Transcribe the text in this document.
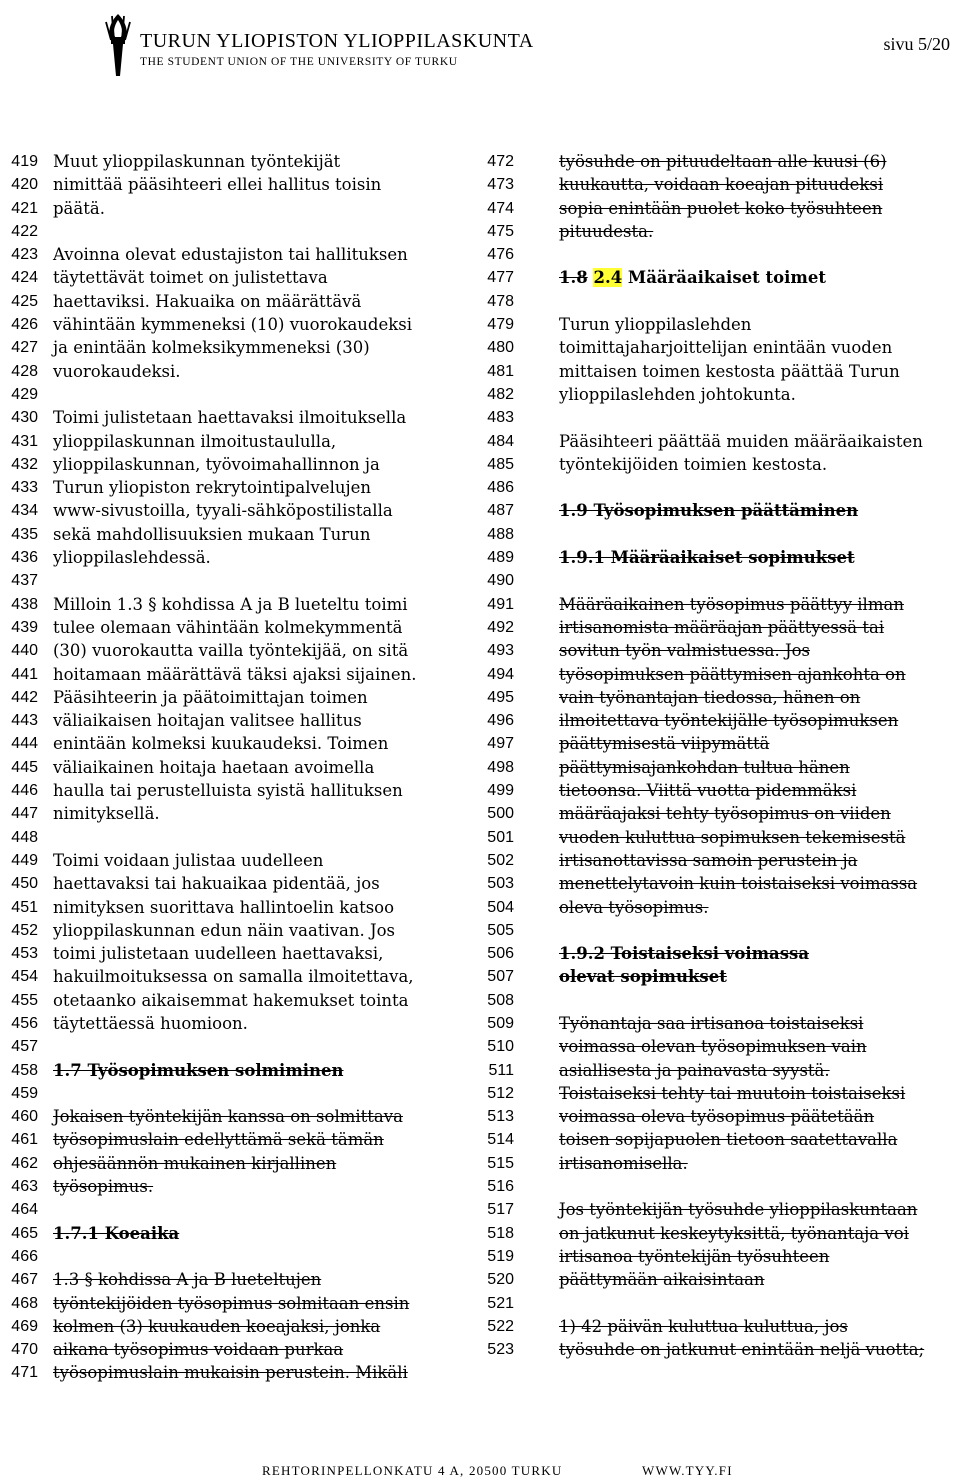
TURUN YLIOPISTON YLIOPPILASKUNTA
THE STUDENT UNION OF THE UNIVERSITY OF TURKU
sivu 5/20
419 Muut ylioppilaskunnan työntekijät
420 nimittää pääsihteeri ellei hallitus toisin
421 päätä.
422
423 Avoinna olevat edustajiston tai hallituksen
424 täytettävät toimet on julistettava
425 haettaviksi. Hakuaika on määrättävä
426 vähintään kymmeneksi (10) vuorokaudeksi
427 ja enintään kolmeksikymmeneksi (30)
428 vuorokaudeksi.
429
430 Toimi julistetaan haettavaksi ilmoituksella
431 ylioppilaskunnan ilmoitustaululla,
432 ylioppilaskunnan, työvoimahallinnon ja
433 Turun yliopiston rekrytointipalvelujen
434 www-sivustoilla, tyyali-sähköpostilistalla
435 sekä mahdollisuuksien mukaan Turun
436 ylioppilaslehdessä.
437
438 Milloin 1.3 § kohdissa A ja B lueteltu toimi
439 tulee olemaan vähintään kolmekymmentä
440 (30) vuorokautta vailla työntekijää, on sitä
441 hoitamaan määrättävä täksi ajaksi sijainen.
442 Pääsihteerin ja päätoimittajan toimen
443 väliaikaisen hoitajan valitsee hallitus
444 enintään kolmeksi kuukaudeksi. Toimen
445 väliaikainen hoitaja haetaan avoimella
446 haulla tai perustelluista syistä hallituksen
447 nimityksellä.
448
449 Toimi voidaan julistaa uudelleen
450 haettavaksi tai hakuaikaa pidentää, jos
451 nimityksen suorittava hallintoelin katsoo
452 ylioppilaskunnan edun näin vaativan. Jos
453 toimi julistetaan uudelleen haettavaksi,
454 hakuilmoituksessa on samalla ilmoitettava,
455 otetaanko aikaisemmat hakemukset tointa
456 täytettäessä huomioon.
457
458 1.7 Työsopimuksen solmiminen
459
460 Jokaisen työntekijän kanssa on solmittava
461 työsopimuslain edellyttämä sekä tämän
462 ohjesäännön mukainen kirjallinen
463 työsopimus.
464
465 1.7.1 Koeaika
466
467 1.3 § kohdissa A ja B lueteltujen
468 työntekijöiden työsopimus solmitaan ensin
469 kolmen (3) kuukauden koeajaksi, jonka
470 aikana työsopimus voidaan purkaa
471 työsopimuslain mukaisin perustein. Mikäli
472	työsuhde on pituudeltaan alle kuusi (6)
473	kuukautta, voidaan koeajan pituudeksi
474	sopia enintään puolet koko työsuhteen
475	pituudesta.
476
477	1.8 2.4 Määräaikaiset toimet
478
479	Turun ylioppilaslehden
480	toimittajaharjoittelijan enintään vuoden
481	mittaisen toimen kestosta päättää Turun
482	ylioppilaslehden johtokunta.
483
484	Pääsihteeri päättää muiden määräaikaisten
485	työntekijöiden toimien kestosta.
486
487	1.9 Työsopimuksen päättäminen
488
489	1.9.1 Määräaikaiset sopimukset
490
491	Määräaikainen työsopimus päättyy ilman
492	irtisanomista määräajan päättyessä tai
493	sovitun työn valmistuessa. Jos
494	työsopimuksen päättymisen ajankohta on
495	vain työnantajan tiedossa, hänen on
496	ilmoitettava työntekijälle työsopimuksen
497	päättymisestä viipymättä
498	päättymisajankohdan tultua hänen
499	tietoonsa. Viittä vuotta pidemmäksi
500	määräajaksi tehty työsopimus on viiden
501	vuoden kuluttua sopimuksen tekemisestä
502	irtisanottavissa samoin perustein ja
503	menettelytavoin kuin toistaiseksi voimassa
504	oleva työsopimus.
505
506	1.9.2 Toistaiseksi voimassa
507	olevat sopimukset
508
509	Työnantaja saa irtisanoa toistaiseksi
510	voimassa olevan työsopimuksen vain
511	asiallisesta ja painavasta syystä.
512	Toistaiseksi tehty tai muutoin toistaiseksi
513	voimassa oleva työsopimus päätetään
514	toisen sopijapuolen tietoon saatettavalla
515	irtisanomisella.
516
517	Jos työntekijän työsuhde ylioppilaskuntaan
518	on jatkunut keskeytyksittä, työnantaja voi
519	irtisanoa työntekijän työsuhteen
520	päättymään aikaisintaan
521
522	1) 42 päivän kuluttua kuluttua, jos
523	työsuhde on jatkunut enintään neljä vuotta;
REHTORINPELLONKATU 4 A, 20500 TURKU	WWW.TYY.FI
